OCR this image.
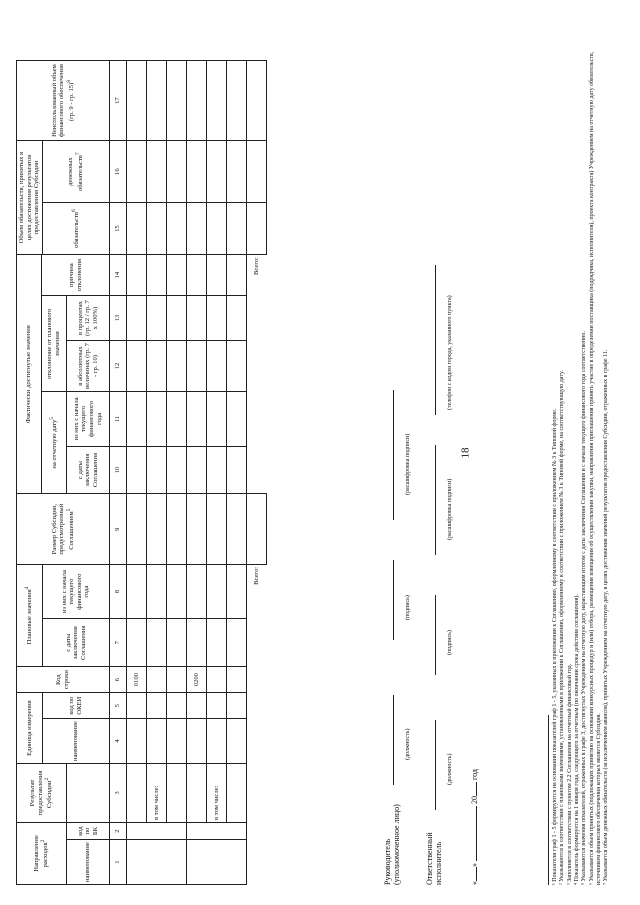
18
Направление расходов$^2$		Результат предоставления Субсидии$^2$	Единица измерения		Код строки	Плановые значения$^4$		Размер Субсидии, предусмотренный Соглашением$^5$	Фактически достигнутые значения					Объем обязательств, принятых в целях достижения результатов предоставления Субсидии		Неиспользованный объем финансового обеспечения (гр. 9 - гр. 15)$^8$
									на отчетную дату$^5$		отклонение от планового значения		причина отклонения			
			наименование	код по ОКЕИ		с даты заключения Соглашения	из них с начала текущего финансового года							обязательств$^6$	денежных обязательств$^7$
наименование	код по БК								с даты заключения Соглашения	из них с начала текущего финансового года	в абсолютных величинах (гр. 7 - гр. 10)	в процентах (гр. 12 / гр. 7 x 100%)				
1	2	3	4	5	6	7	8	9	10	11	12	13	14	15	16	17
					0100											
		в том числе:														

					0200											
		в том числе:														

Всего:									Всего:							
Руководитель (уполномоченное лицо)
(должность)
(подпись)
(расшифровка подписи)
Ответственный исполнитель
(должность)
(подпись)
(расшифровка подписи)
(телефон с кодом города, указанного пункта)
«»  20 год	¹ Показатели граф 1 - 5 формируются на основании показателей граф 1 - 5, указанных в приложении к Соглашению, оформленному в соответствии с приложением № 3 к Типовой форме. ² Указываются в соответствии с плановыми значениями, установленными в приложении к Соглашению, оформленному в соответствии с приложением № 3 к Типовой форме, на соответствующую дату. ³ Заполняется в соответствии с пунктом 2.2 Соглашения на отчетный финансовый год. ⁴ Показатель формируется на 1 января года, следующего за отчетным (по окончании срока действия соглашения). ⁵ Указываются значения показателей, отраженных в графе 3, достигнутых Учреждением на отчетную дату, нарастающим итогом с даты заключения Соглашения и с начала текущего финансового года соответственно. ⁶ Указывается объем принятых (подлежащих принятию на основании конкурсных процедур и (или) отбора, размещения извещения об осуществлении закупки, направления приглашения принять участие в определении поставщика (подрядчика, исполнителя), проекта контракта) Учреждением на отчетную дату обязательств, источником финансового обеспечения которых является Субсидия. ⁷ Указывается объем денежных обязательств (за исключением авансов), принятых Учреждением на отчетную дату, в целях достижения значений результатов предоставления Субсидии, отраженных в графе 11.
